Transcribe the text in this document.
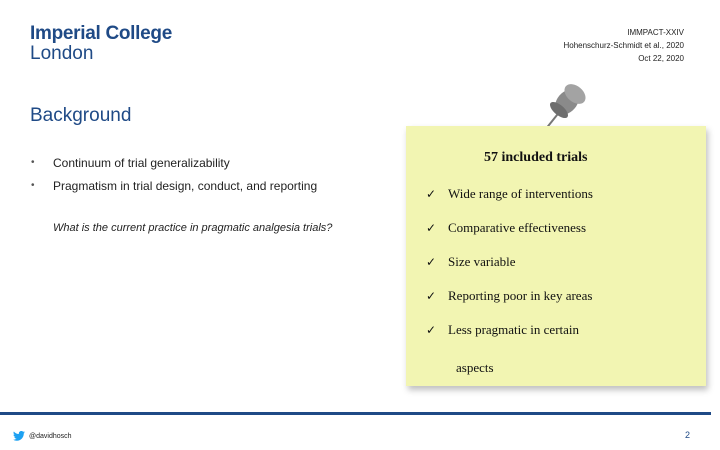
Imperial College
London
IMMPACT-XXIV
Hohenschurz-Schmidt et al., 2020
Oct 22, 2020
Background
• Continuum of trial generalizability
• Pragmatism in trial design, conduct, and reporting
What is the current practice in pragmatic analgesia trials?
57 included trials
✓ Wide range of interventions
✓ Comparative effectiveness
✓ Size variable
✓ Reporting poor in key areas
✓ Less pragmatic in certain
aspects
@davidhosch	2
